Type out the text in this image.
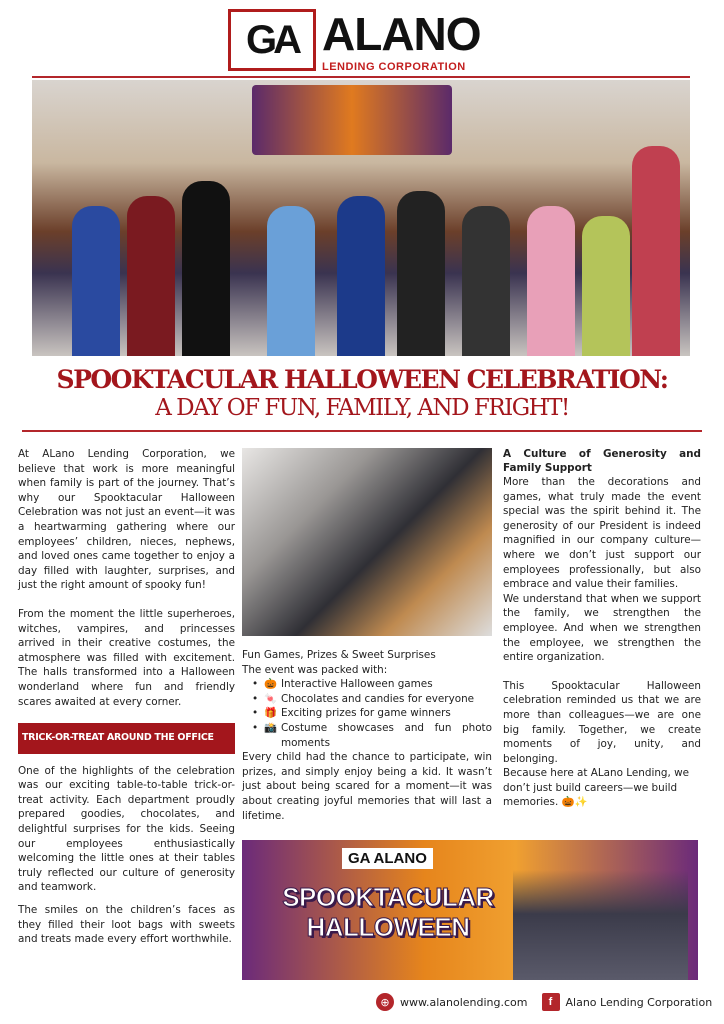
GA ALANO
LENDING CORPORATION
SPOOKTACULAR HALLOWEEN CELEBRATION:
A DAY OF FUN, FAMILY, AND FRIGHT!

At ALano Lending Corporation, we believe that work is more meaningful when family is part of the journey. That’s why our Spooktacular Halloween Celebration was not just an event—it was a heartwarming gathering where our employees’ children, nieces, nephews, and loved ones came together to enjoy a day filled with laughter, surprises, and just the right amount of spooky fun!

From the moment the little superheroes, witches, vampires, and princesses arrived in their creative costumes, the atmosphere was filled with excitement. The halls transformed into a Halloween wonderland where fun and friendly scares awaited at every corner.

TRICK-OR-TREAT AROUND THE OFFICE

One of the highlights of the celebration was our exciting table-to-table trick-or-treat activity. Each department proudly prepared goodies, chocolates, and delightful surprises for the kids. Seeing our employees enthusiastically welcoming the little ones at their tables truly reflected our culture of generosity and teamwork.

The smiles on the children’s faces as they filled their loot bags with sweets and treats made every effort worthwhile.

Fun Games, Prizes & Sweet Surprises
The event was packed with:
• 🎃 Interactive Halloween games
• 🍬 Chocolates and candies for everyone
• 🎁 Exciting prizes for game winners
• 📸 Costume showcases and fun photo moments

Every child had the chance to participate, win prizes, and simply enjoy being a kid. It wasn’t just about being scared for a moment—it was about creating joyful memories that will last a lifetime.

A Culture of Generosity and Family Support

More than the decorations and games, what truly made the event special was the spirit behind it. The generosity of our President is indeed magnified in our company culture—where we don’t just support our employees professionally, but also embrace and value their families.

We understand that when we support the family, we strengthen the employee. And when we strengthen the employee, we strengthen the entire organization.

This Spooktacular Halloween celebration reminded us that we are more than colleagues—we are one big family. Together, we create moments of joy, unity, and belonging.

Because here at ALano Lending, we don’t just build careers—we build memories. 🎃✨

GA ALANO
SPOOKTACULAR HALLOWEEN
⊕ www.alanolending.com	f	Alano Lending Corporation
